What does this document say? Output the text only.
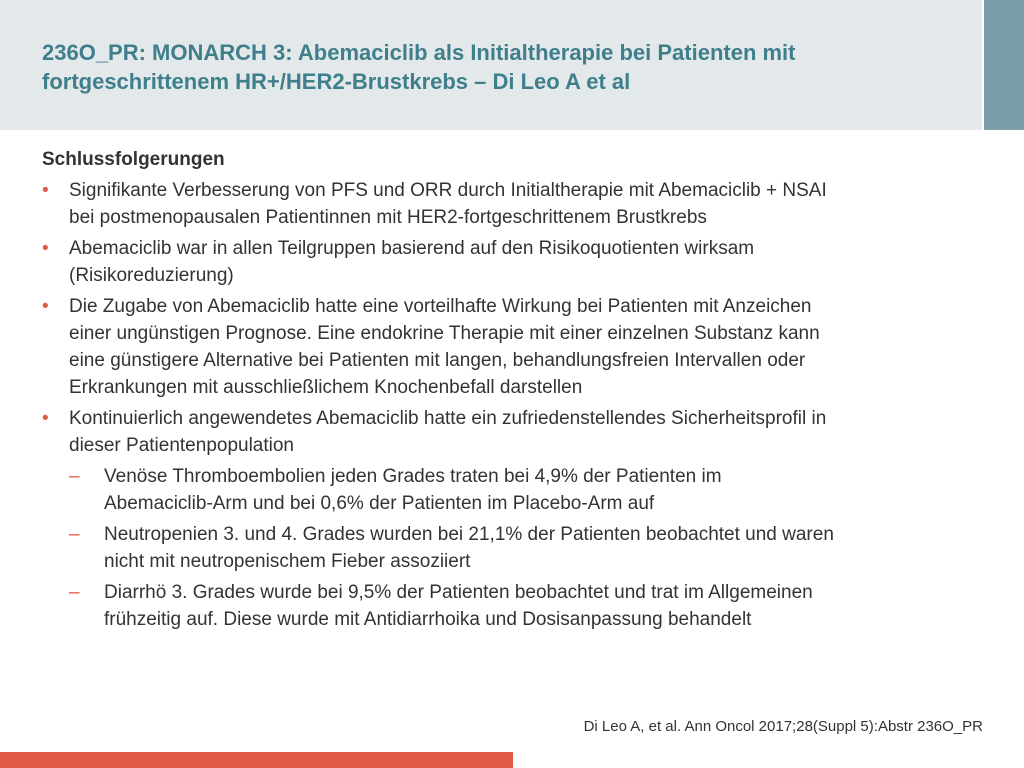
236O_PR: MONARCH 3: Abemaciclib als Initialtherapie bei Patienten mit
fortgeschrittenem HR+/HER2-Brustkrebs – Di Leo A et al
Schlussfolgerungen
• Signifikante Verbesserung von PFS und ORR durch Initialtherapie mit Abemaciclib + NSAI
bei postmenopausalen Patientinnen mit HER2-fortgeschrittenem Brustkrebs
• Abemaciclib war in allen Teilgruppen basierend auf den Risikoquotienten wirksam
(Risikoreduzierung)
• Die Zugabe von Abemaciclib hatte eine vorteilhafte Wirkung bei Patienten mit Anzeichen
einer ungünstigen Prognose. Eine endokrine Therapie mit einer einzelnen Substanz kann
eine günstigere Alternative bei Patienten mit langen, behandlungsfreien Intervallen oder
Erkrankungen mit ausschließlichem Knochenbefall darstellen
• Kontinuierlich angewendetes Abemaciclib hatte ein zufriedenstellendes Sicherheitsprofil in
dieser Patientenpopulation
– Venöse Thromboembolien jeden Grades traten bei 4,9% der Patienten im
Abemaciclib-Arm und bei 0,6% der Patienten im Placebo-Arm auf
– Neutropenien 3. und 4. Grades wurden bei 21,1% der Patienten beobachtet und waren
nicht mit neutropenischem Fieber assoziiert
– Diarrhö 3. Grades wurde bei 9,5% der Patienten beobachtet und trat im Allgemeinen
frühzeitig auf. Diese wurde mit Antidiarrhoika und Dosisanpassung behandelt
Di Leo A, et al. Ann Oncol 2017;28(Suppl 5):Abstr 236O_PR
